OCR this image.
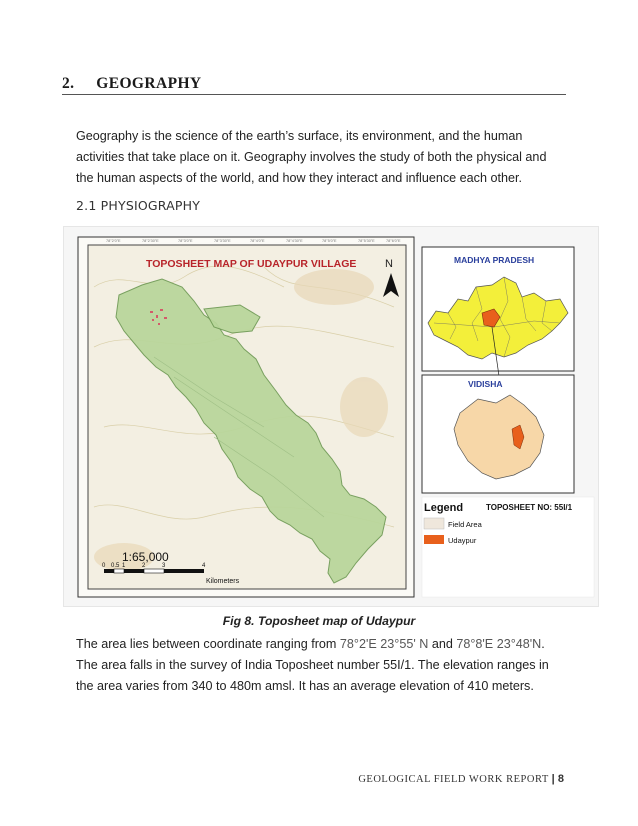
2. GEOGRAPHY
Geography is the science of the earth’s surface, its environment, and the human activities that take place on it. Geography involves the study of both the physical and the human aspects of the world, and how they interact and influence each other.
2.1 PHYSIOGRAPHY
78°2'0"E	78°2'30"E	78°3'0"E	78°3'30"E	78°4'0"E	78°4'30"E	78°5'0"E	78°5'30"E	78°6'0"E
TOPOSHEET MAP OF UDAYPUR VILLAGE	N
1:65,000
0 0.5 1	2	3	4
Kilometers
MADHYA PRADESH
VIDISHA
Legend	TOPOSHEET NO: 55I/1
Field Area
Udaypur
Fig 8. Toposheet map of Udaypur
The area lies between coordinate ranging from 78°2'E 23°55' N and 78°8'E 23°48'N. The area falls in the survey of India Toposheet number 55I/1. The elevation ranges in the area varies from 340 to 480m amsl. It has an average elevation of 410 meters.
GEOLOGICAL FIELD WORK REPORT | 8
